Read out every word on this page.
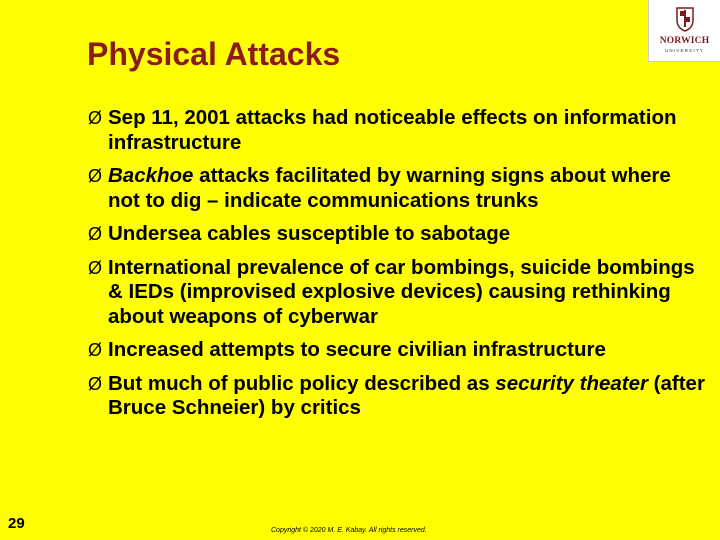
Physical Attacks	NORWICH
UNIVERSITY
Ø Sep 11, 2001 attacks had noticeable effects on information infrastructure
Ø Backhoe attacks facilitated by warning signs about where not to dig – indicate communications trunks
Ø Undersea cables susceptible to sabotage
Ø International prevalence of car bombings, suicide bombings & IEDs (improvised explosive devices) causing rethinking about weapons of cyberwar
Ø Increased attempts to secure civilian infrastructure
Ø But much of public policy described as security theater (after Bruce Schneier) by critics
29	Copyright © 2020 M. E. Kabay. All rights reserved.
